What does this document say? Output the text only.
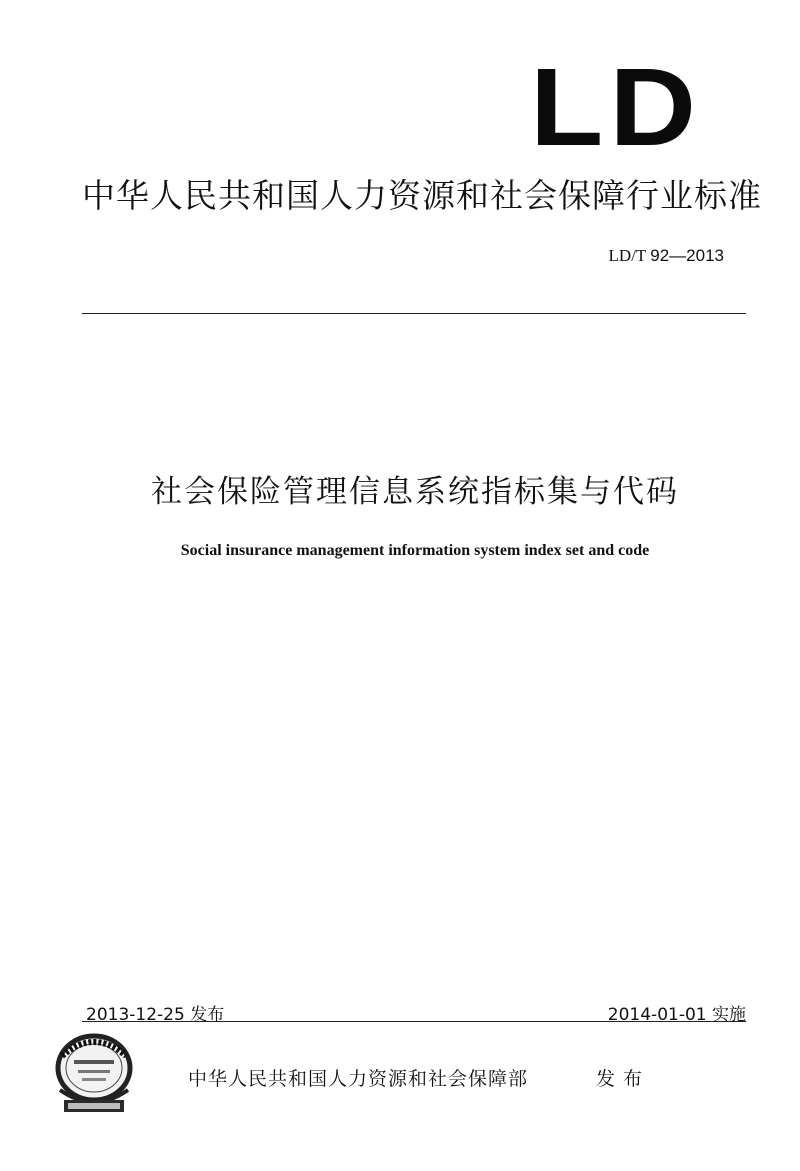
LD
中华人民共和国人力资源和社会保障行业标准
LD/T 92—2013
社会保险管理信息系统指标集与代码
Social insurance management information system index set and code
2013-12-25 发布	2014-01-01 实施
中华人民共和国人力资源和社会保障部	发布
